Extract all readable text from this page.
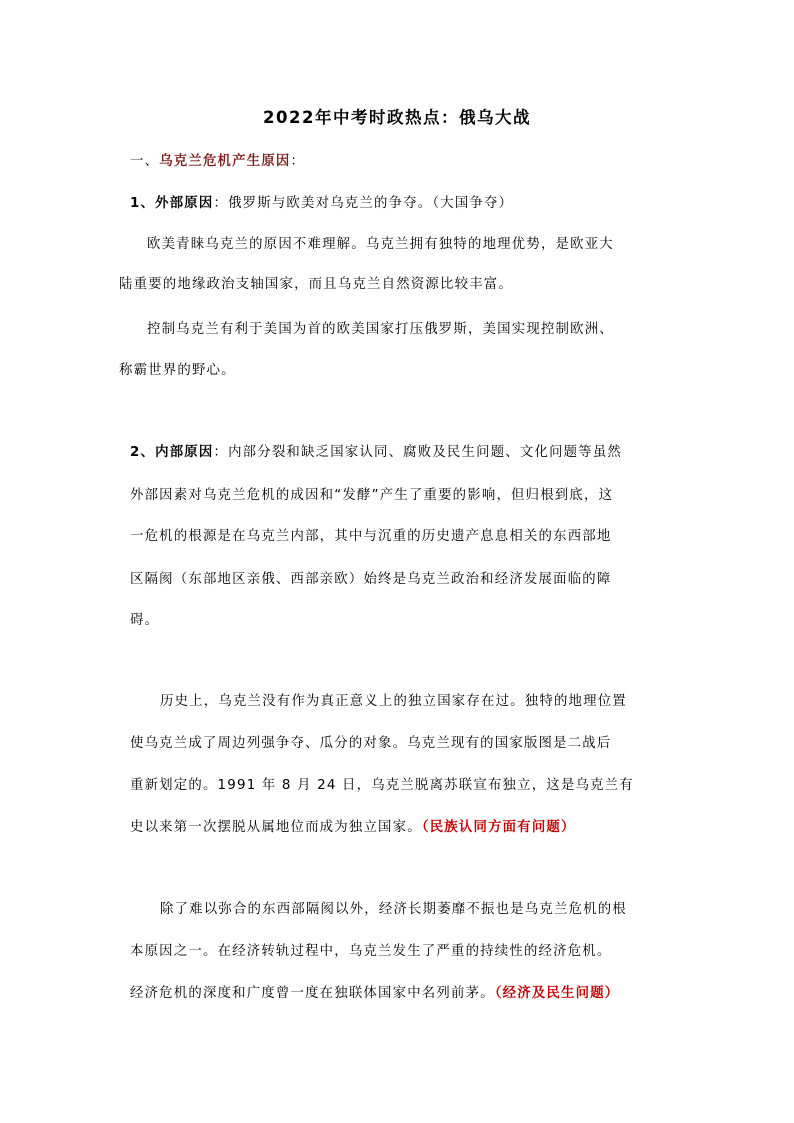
2022年中考时政热点：俄乌大战
一、乌克兰危机产生原因：
1、外部原因：俄罗斯与欧美对乌克兰的争夺。（大国争夺）
欧美青睐乌克兰的原因不难理解。乌克兰拥有独特的地理优势，是欧亚大
陆重要的地缘政治支轴国家，而且乌克兰自然资源比较丰富。
控制乌克兰有利于美国为首的欧美国家打压俄罗斯，美国实现控制欧洲、
称霸世界的野心。
2、内部原因：内部分裂和缺乏国家认同、腐败及民生问题、文化问题等虽然
外部因素对乌克兰危机的成因和“发酵”产生了重要的影响，但归根到底，这
一危机的根源是在乌克兰内部，其中与沉重的历史遗产息息相关的东西部地
区隔阂（东部地区亲俄、西部亲欧）始终是乌克兰政治和经济发展面临的障
碍。
历史上，乌克兰没有作为真正意义上的独立国家存在过。独特的地理位置
使乌克兰成了周边列强争夺、瓜分的对象。乌克兰现有的国家版图是二战后
重新划定的。1991 年 8 月 24 日，乌克兰脱离苏联宣布独立，这是乌克兰有
史以来第一次摆脱从属地位而成为独立国家。（民族认同方面有问题）
除了难以弥合的东西部隔阂以外，经济长期萎靡不振也是乌克兰危机的根
本原因之一。在经济转轨过程中，乌克兰发生了严重的持续性的经济危机。
经济危机的深度和广度曾一度在独联体国家中名列前茅。（经济及民生问题）
